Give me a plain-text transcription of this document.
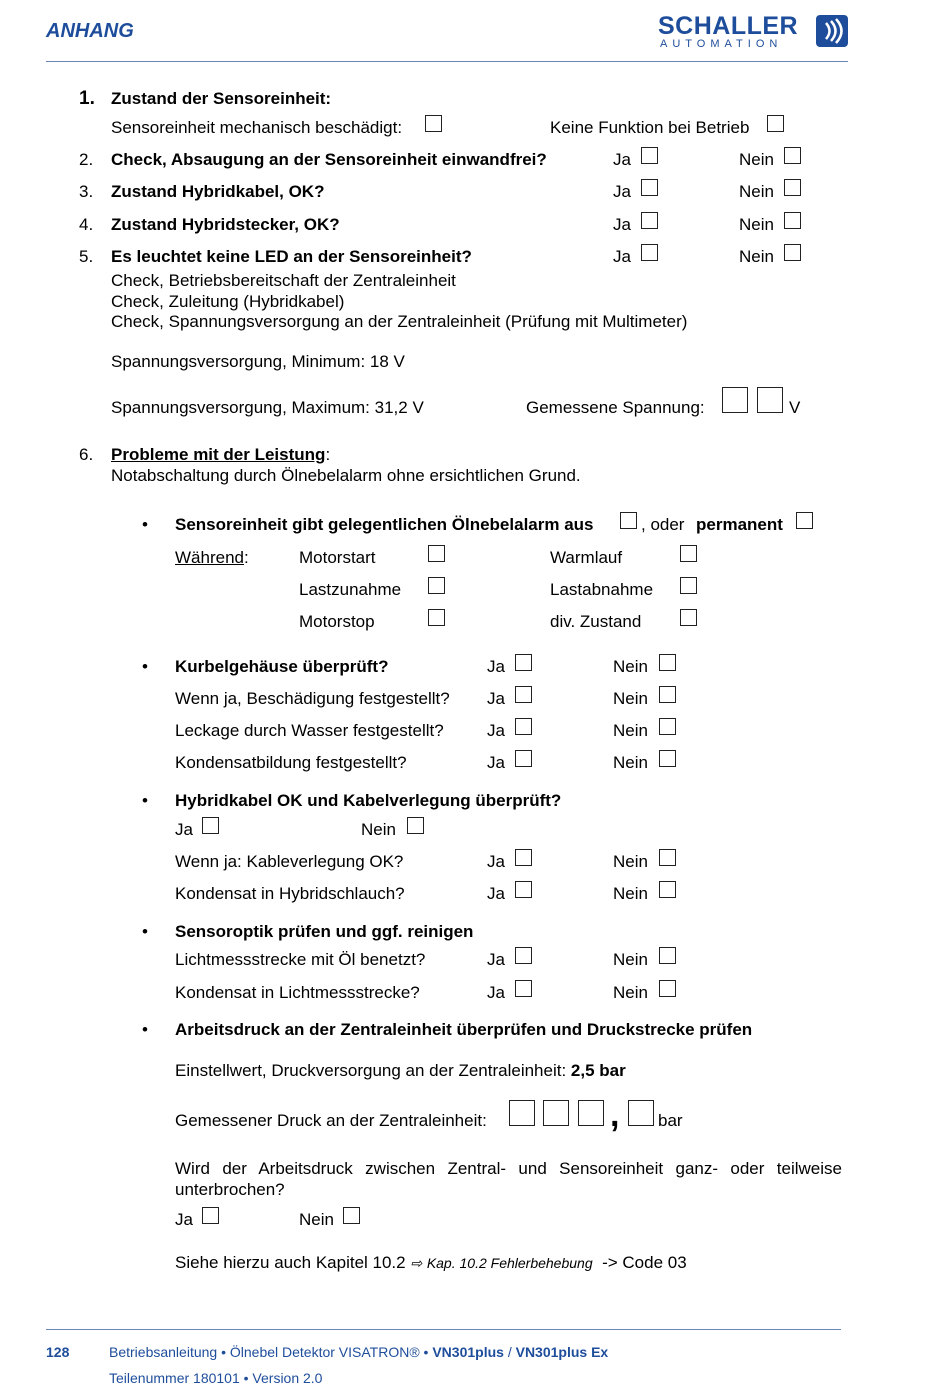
ANHANG	SCHALLER
AUTOMATION
1. Zustand der Sensoreinheit:
Sensoreinheit mechanisch beschädigt:	Keine Funktion bei Betrieb
2. Check, Absaugung an der Sensoreinheit einwandfrei?	Ja	Nein
3. Zustand Hybridkabel, OK?	Ja	Nein
4. Zustand Hybridstecker, OK?	Ja	Nein
5. Es leuchtet keine LED an der Sensoreinheit?	Ja	Nein
Check, Betriebsbereitschaft der Zentraleinheit
Check, Zuleitung (Hybridkabel)
Check, Spannungsversorgung an der Zentraleinheit (Prüfung mit Multimeter)
Spannungsversorgung, Minimum: 18 V
Spannungsversorgung, Maximum: 31,2 V	Gemessene Spannung:	V
6. Probleme mit der Leistung:
Notabschaltung durch Ölnebelalarm ohne ersichtlichen Grund.
• Sensoreinheit gibt gelegentlichen Ölnebelalarm aus	, oder permanent
Während:	Motorstart	Warmlauf
Lastzunahme	Lastabnahme
Motorstop	div. Zustand
• Kurbelgehäuse überprüft?	Ja	Nein
Wenn ja, Beschädigung festgestellt? Ja	Nein
Leckage durch Wasser festgestellt?	Ja	Nein
Kondensatbildung festgestellt?	Ja	Nein
• Hybridkabel OK und Kabelverlegung überprüft?
Ja	Nein
Wenn ja: Kableverlegung OK?	Ja	Nein
Kondensat in Hybridschlauch?	Ja	Nein
• Sensoroptik prüfen und ggf. reinigen
Lichtmessstrecke mit Öl benetzt?	Ja	Nein
Kondensat in Lichtmessstrecke?	Ja	Nein
• Arbeitsdruck an der Zentraleinheit überprüfen und Druckstrecke prüfen
Einstellwert, Druckversorgung an der Zentraleinheit: 2,5 bar
Gemessener Druck an der Zentraleinheit:	, bar
Wird der Arbeitsdruck zwischen Zentral- und Sensoreinheit ganz- oder teilweise
unterbrochen?
Ja	Nein
Siehe hierzu auch Kapitel 10.2 ⇨ Kap. 10.2 Fehlerbehebung -> Code 03
128	Betriebsanleitung • Ölnebel Detektor VISATRON® • VN301plus / VN301plus Ex
Teilenummer 180101 • Version 2.0
